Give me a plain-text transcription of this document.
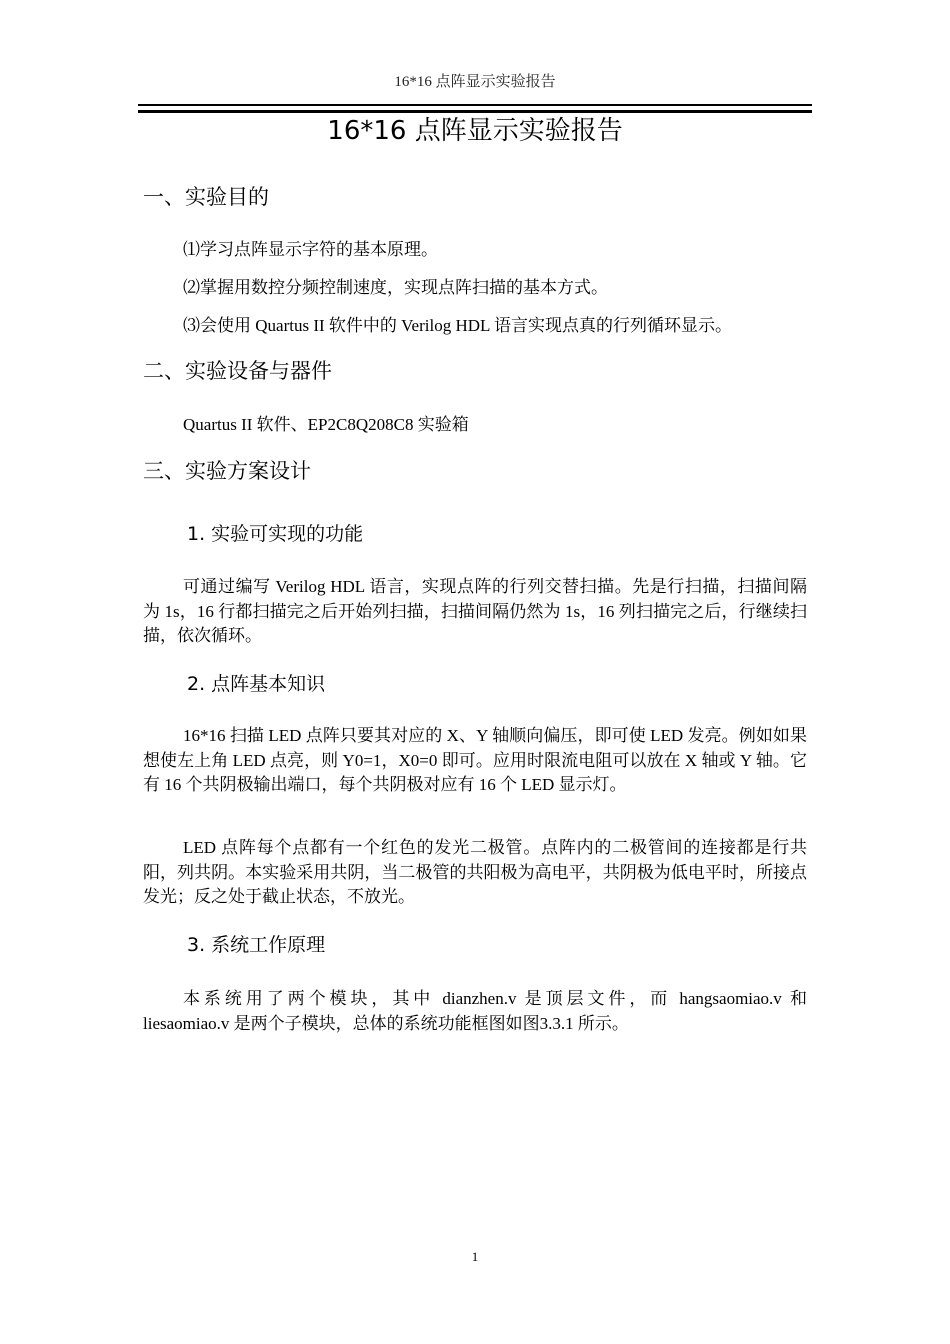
16*16 点阵显示实验报告
16*16 点阵显示实验报告
一、实验目的
⑴学习点阵显示字符的基本原理。
⑵掌握用数控分频控制速度，实现点阵扫描的基本方式。
⑶会使用 Quartus II 软件中的 Verilog HDL 语言实现点真的行列循环显示。
二、实验设备与器件
Quartus II 软件、EP2C8Q208C8 实验箱
三、实验方案设计
1. 实验可实现的功能
可通过编写 Verilog HDL 语言，实现点阵的行列交替扫描。先是行扫描，扫描间隔为 1s，16 行都扫描完之后开始列扫描，扫描间隔仍然为 1s，16 列扫描完之后，行继续扫描，依次循环。
2. 点阵基本知识
16*16 扫描 LED 点阵只要其对应的 X、Y 轴顺向偏压，即可使 LED 发亮。例如如果想使左上角 LED 点亮，则 Y0=1，X0=0 即可。应用时限流电阻可以放在 X 轴或 Y 轴。它有 16 个共阴极输出端口，每个共阴极对应有 16 个 LED 显示灯。
LED 点阵每个点都有一个红色的发光二极管。点阵内的二极管间的连接都是行共阳，列共阴。本实验采用共阴，当二极管的共阳极为高电平，共阴极为低电平时，所接点发光；反之处于截止状态，不放光。
3. 系统工作原理
本系统用了两个模块，其中 dianzhen.v 是顶层文件，而 hangsaomiao.v 和 liesaomiao.v 是两个子模块，总体的系统功能框图如图3.3.1 所示。
1
